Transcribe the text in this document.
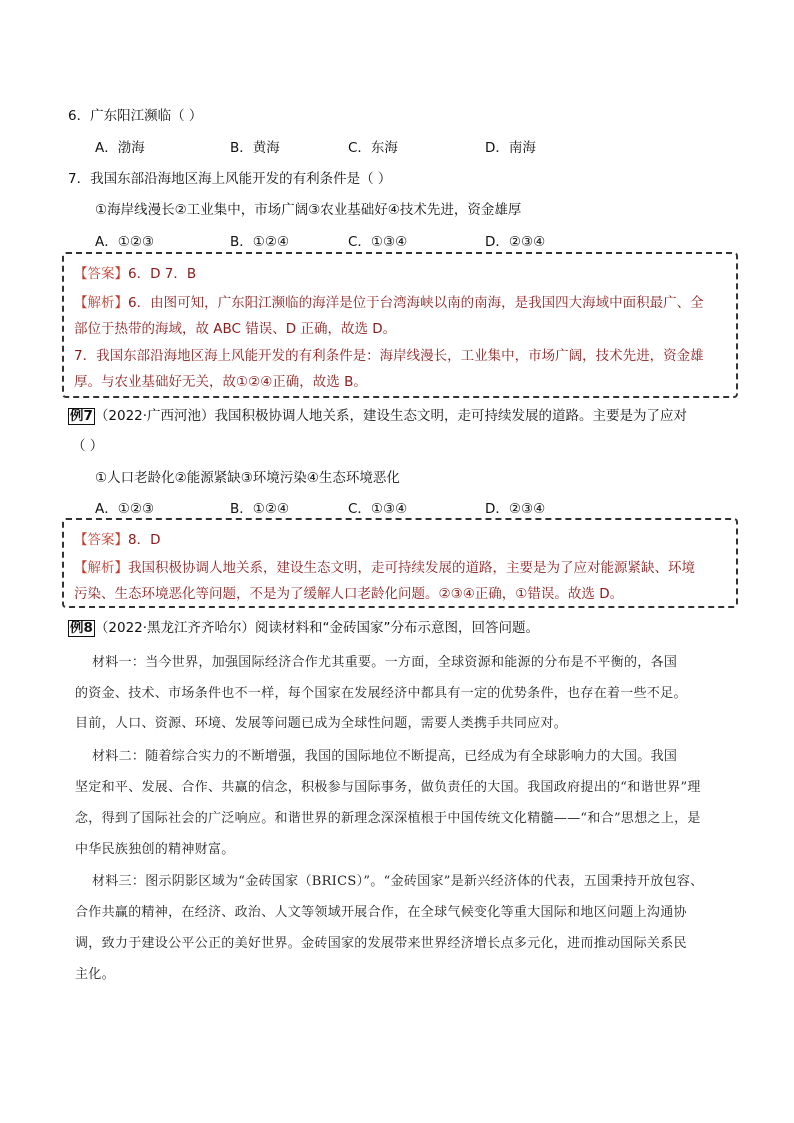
6．广东阳江濒临（ ）
A．渤海	B．黄海	C．东海	D．南海
7．我国东部沿海地区海上风能开发的有利条件是（ ）
①海岸线漫长②工业集中，市场广阔③农业基础好④技术先进，资金雄厚
A．①②③	B．①②④	C．①③④	D．②③④
【答案】6．D 7．B
【解析】6．由图可知，广东阳江濒临的海洋是位于台湾海峡以南的南海，是我国四大海域中面积最广、全
部位于热带的海域，故 ABC 错误、D 正确，故选 D。
7．我国东部沿海地区海上风能开发的有利条件是：海岸线漫长，工业集中，市场广阔，技术先进，资金雄
厚。与农业基础好无关，故①②④正确，故选 B。
例7 （2022·广西河池）我国积极协调人地关系，建设生态文明，走可持续发展的道路。主要是为了应对
（ ）
①人口老龄化②能源紧缺③环境污染④生态环境恶化
A．①②③	B．①②④	C．①③④	D．②③④
【答案】8．D
【解析】我国积极协调人地关系，建设生态文明，走可持续发展的道路，主要是为了应对能源紧缺、环境
污染、生态环境恶化等问题，不是为了缓解人口老龄化问题。②③④正确，①错误。故选 D。
例8 （2022·黑龙江齐齐哈尔）阅读材料和“金砖国家”分布示意图，回答问题。
材料一：当今世界，加强国际经济合作尤其重要。一方面，全球资源和能源的分布是不平衡的，各国
的资金、技术、市场条件也不一样，每个国家在发展经济中都具有一定的优势条件，也存在着一些不足。
目前，人口、资源、环境、发展等问题已成为全球性问题，需要人类携手共同应对。
材料二：随着综合实力的不断增强，我国的国际地位不断提高，已经成为有全球影响力的大国。我国
坚定和平、发展、合作、共赢的信念，积极参与国际事务，做负责任的大国。我国政府提出的“和谐世界”理
念，得到了国际社会的广泛响应。和谐世界的新理念深深植根于中国传统文化精髓——“和合”思想之上，是
中华民族独创的精神财富。
材料三：图示阴影区域为“金砖国家（BRICS）”。“金砖国家”是新兴经济体的代表，五国秉持开放包容、
合作共赢的精神，在经济、政治、人文等领域开展合作，在全球气候变化等重大国际和地区问题上沟通协
调，致力于建设公平公正的美好世界。金砖国家的发展带来世界经济增长点多元化，进而推动国际关系民
主化。
